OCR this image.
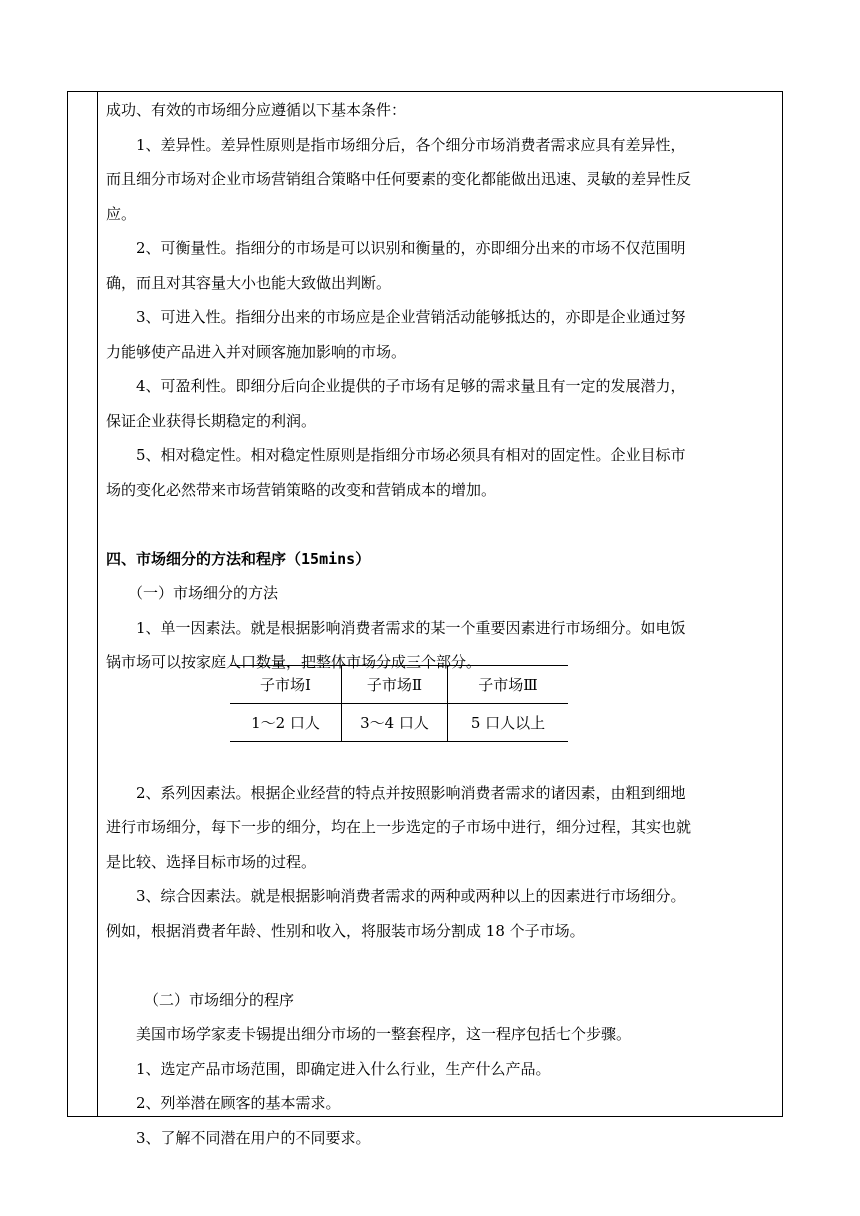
成功、有效的市场细分应遵循以下基本条件：
1、差异性。差异性原则是指市场细分后，各个细分市场消费者需求应具有差异性，
而且细分市场对企业市场营销组合策略中任何要素的变化都能做出迅速、灵敏的差异性反
应。
2、可衡量性。指细分的市场是可以识别和衡量的，亦即细分出来的市场不仅范围明
确，而且对其容量大小也能大致做出判断。
3、可进入性。指细分出来的市场应是企业营销活动能够抵达的，亦即是企业通过努
力能够使产品进入并对顾客施加影响的市场。
4、可盈利性。即细分后向企业提供的子市场有足够的需求量且有一定的发展潜力，
保证企业获得长期稳定的利润。
5、相对稳定性。相对稳定性原则是指细分市场必须具有相对的固定性。企业目标市
场的变化必然带来市场营销策略的改变和营销成本的增加。
四、市场细分的方法和程序（15mins）
（一）市场细分的方法
1、单一因素法。就是根据影响消费者需求的某一个重要因素进行市场细分。如电饭
锅市场可以按家庭人口数量，把整体市场分成三个部分。
2、系列因素法。根据企业经营的特点并按照影响消费者需求的诸因素，由粗到细地
进行市场细分，每下一步的细分，均在上一步选定的子市场中进行，细分过程，其实也就
是比较、选择目标市场的过程。
3、综合因素法。就是根据影响消费者需求的两种或两种以上的因素进行市场细分。
例如，根据消费者年龄、性别和收入，将服装市场分割成 18 个子市场。
（二）市场细分的程序
美国市场学家麦卡锡提出细分市场的一整套程序，这一程序包括七个步骤。
1、选定产品市场范围，即确定进入什么行业，生产什么产品。
2、列举潜在顾客的基本需求。
3、了解不同潜在用户的不同要求。
子市场Ⅰ	子市场Ⅱ	子市场Ⅲ
1～2 口人	3～4 口人	5 口人以上
